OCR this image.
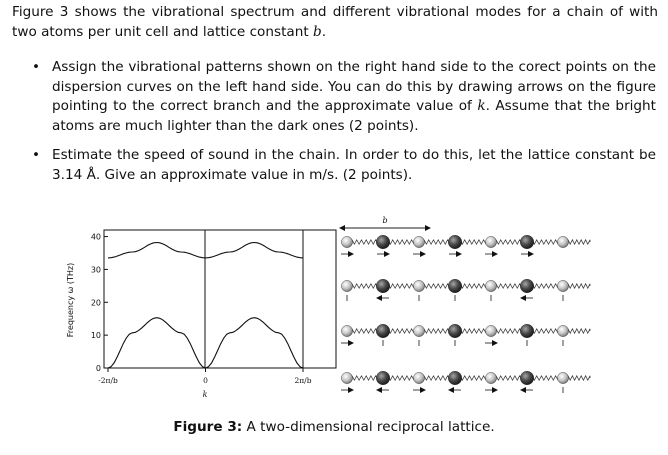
Figure 3 shows the vibrational spectrum and different vibrational modes for a chain of with two atoms per unit cell and lattice constant b.
• Assign the vibrational patterns shown on the right hand side to the corect points on the dispersion curves on the left hand side. You can do this by drawing arrows on the figure pointing to the correct branch and the approximate value of k. Assume that the bright atoms are much lighter than the dark ones (2 points).
• Estimate the speed of sound in the chain. In order to do this, let the lattice constant be 3.14 Å. Give an approximate value in m/s. (2 points).
40
30
20
10
0
-2π/b	0	2π/b
Frequency ω (THz)
k
b
Figure 3: A two-dimensional reciprocal lattice.
